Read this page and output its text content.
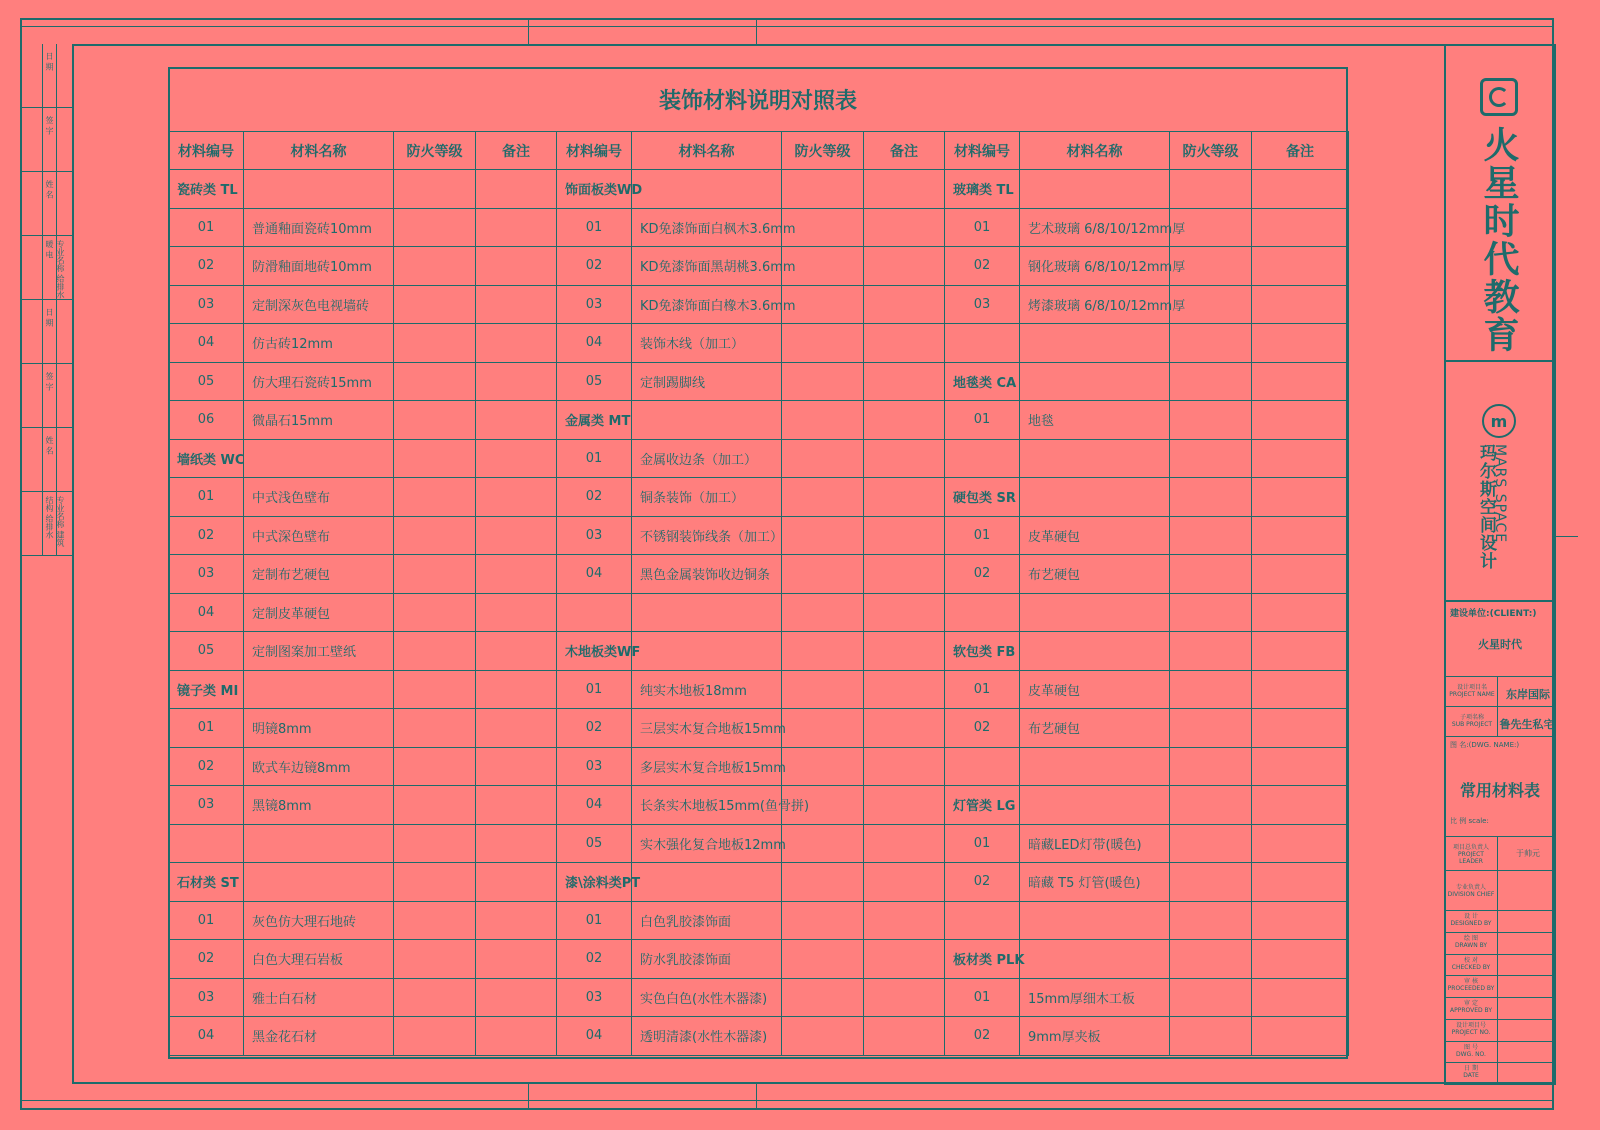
日 期
签 字
姓 名
专业名称 给排水 暖 电
日 期
签 字
姓 名
专业名称 建筑 结构 给排水
装饰材料说明对照表
材料编号	材料名称	防火等级	备注	材料编号	材料名称	防火等级	备注	材料编号	材料名称	防火等级	备注
瓷砖类 TL				饰面板类WD				玻璃类 TL			
01	普通釉面瓷砖10mm			01	KD免漆饰面白枫木3.6mm			01	艺术玻璃 6/8/10/12mm厚		
02	防滑釉面地砖10mm			02	KD免漆饰面黑胡桃3.6mm			02	钢化玻璃 6/8/10/12mm厚		
03	定制深灰色电视墙砖			03	KD免漆饰面白橡木3.6mm			03	烤漆玻璃 6/8/10/12mm厚		
04	仿古砖12mm			04	装饰木线（加工）						
05	仿大理石瓷砖15mm			05	定制踢脚线			地毯类 CA			
06	微晶石15mm			金属类 MT				01	地毯		
墙纸类 WC				01	金属收边条（加工）						
01	中式浅色壁布			02	铜条装饰（加工）			硬包类 SR			
02	中式深色壁布			03	不锈钢装饰线条（加工）			01	皮革硬包		
03	定制布艺硬包			04	黑色金属装饰收边铜条			02	布艺硬包		
04	定制皮革硬包										
05	定制图案加工壁纸			木地板类WF				软包类 FB			
镜子类 MI				01	纯实木地板18mm			01	皮革硬包		
01	明镜8mm			02	三层实木复合地板15mm			02	布艺硬包		
02	欧式车边镜8mm			03	多层实木复合地板15mm						
03	黑镜8mm			04	长条实木地板15mm(鱼骨拼)			灯管类 LG			
				05	实木强化复合地板12mm			01	暗藏LED灯带(暖色)		
石材类 ST				漆\涂料类PT				02	暗藏 T5 灯管(暖色)		
01	灰色仿大理石地砖			01	白色乳胶漆饰面						
02	白色大理石岩板			02	防水乳胶漆饰面			板材类 PLK			
03	雅士白石材			03	实色白色(水性木器漆)			01	15mm厚细木工板		
04	黑金花石材			04	透明清漆(水性木器漆)			02	9mm厚夹板		
火星时代教育
m
MARS SPACE
玛尔斯空间设计
建设单位:(CLIENT:)
火星时代
设计项目名
PROJECT NAME	东岸国际
子项名称
SUB PROJECT 鲁先生私宅
图 名:(DWG. NAME:)
常用材料表
比 例 scale:
项目总负责人
PROJECT LEADER
于帅元
专业负责人
DIVISION CHIEF
设 计
DESIGNED BY
绘 图
DRAWN BY
校 对
CHECKED BY
审 核
PROCEEDED BY
审 定
APPROVED BY
设计项目号
PROJECT NO.
图 号
DWG. NO.
日 期
DATE
